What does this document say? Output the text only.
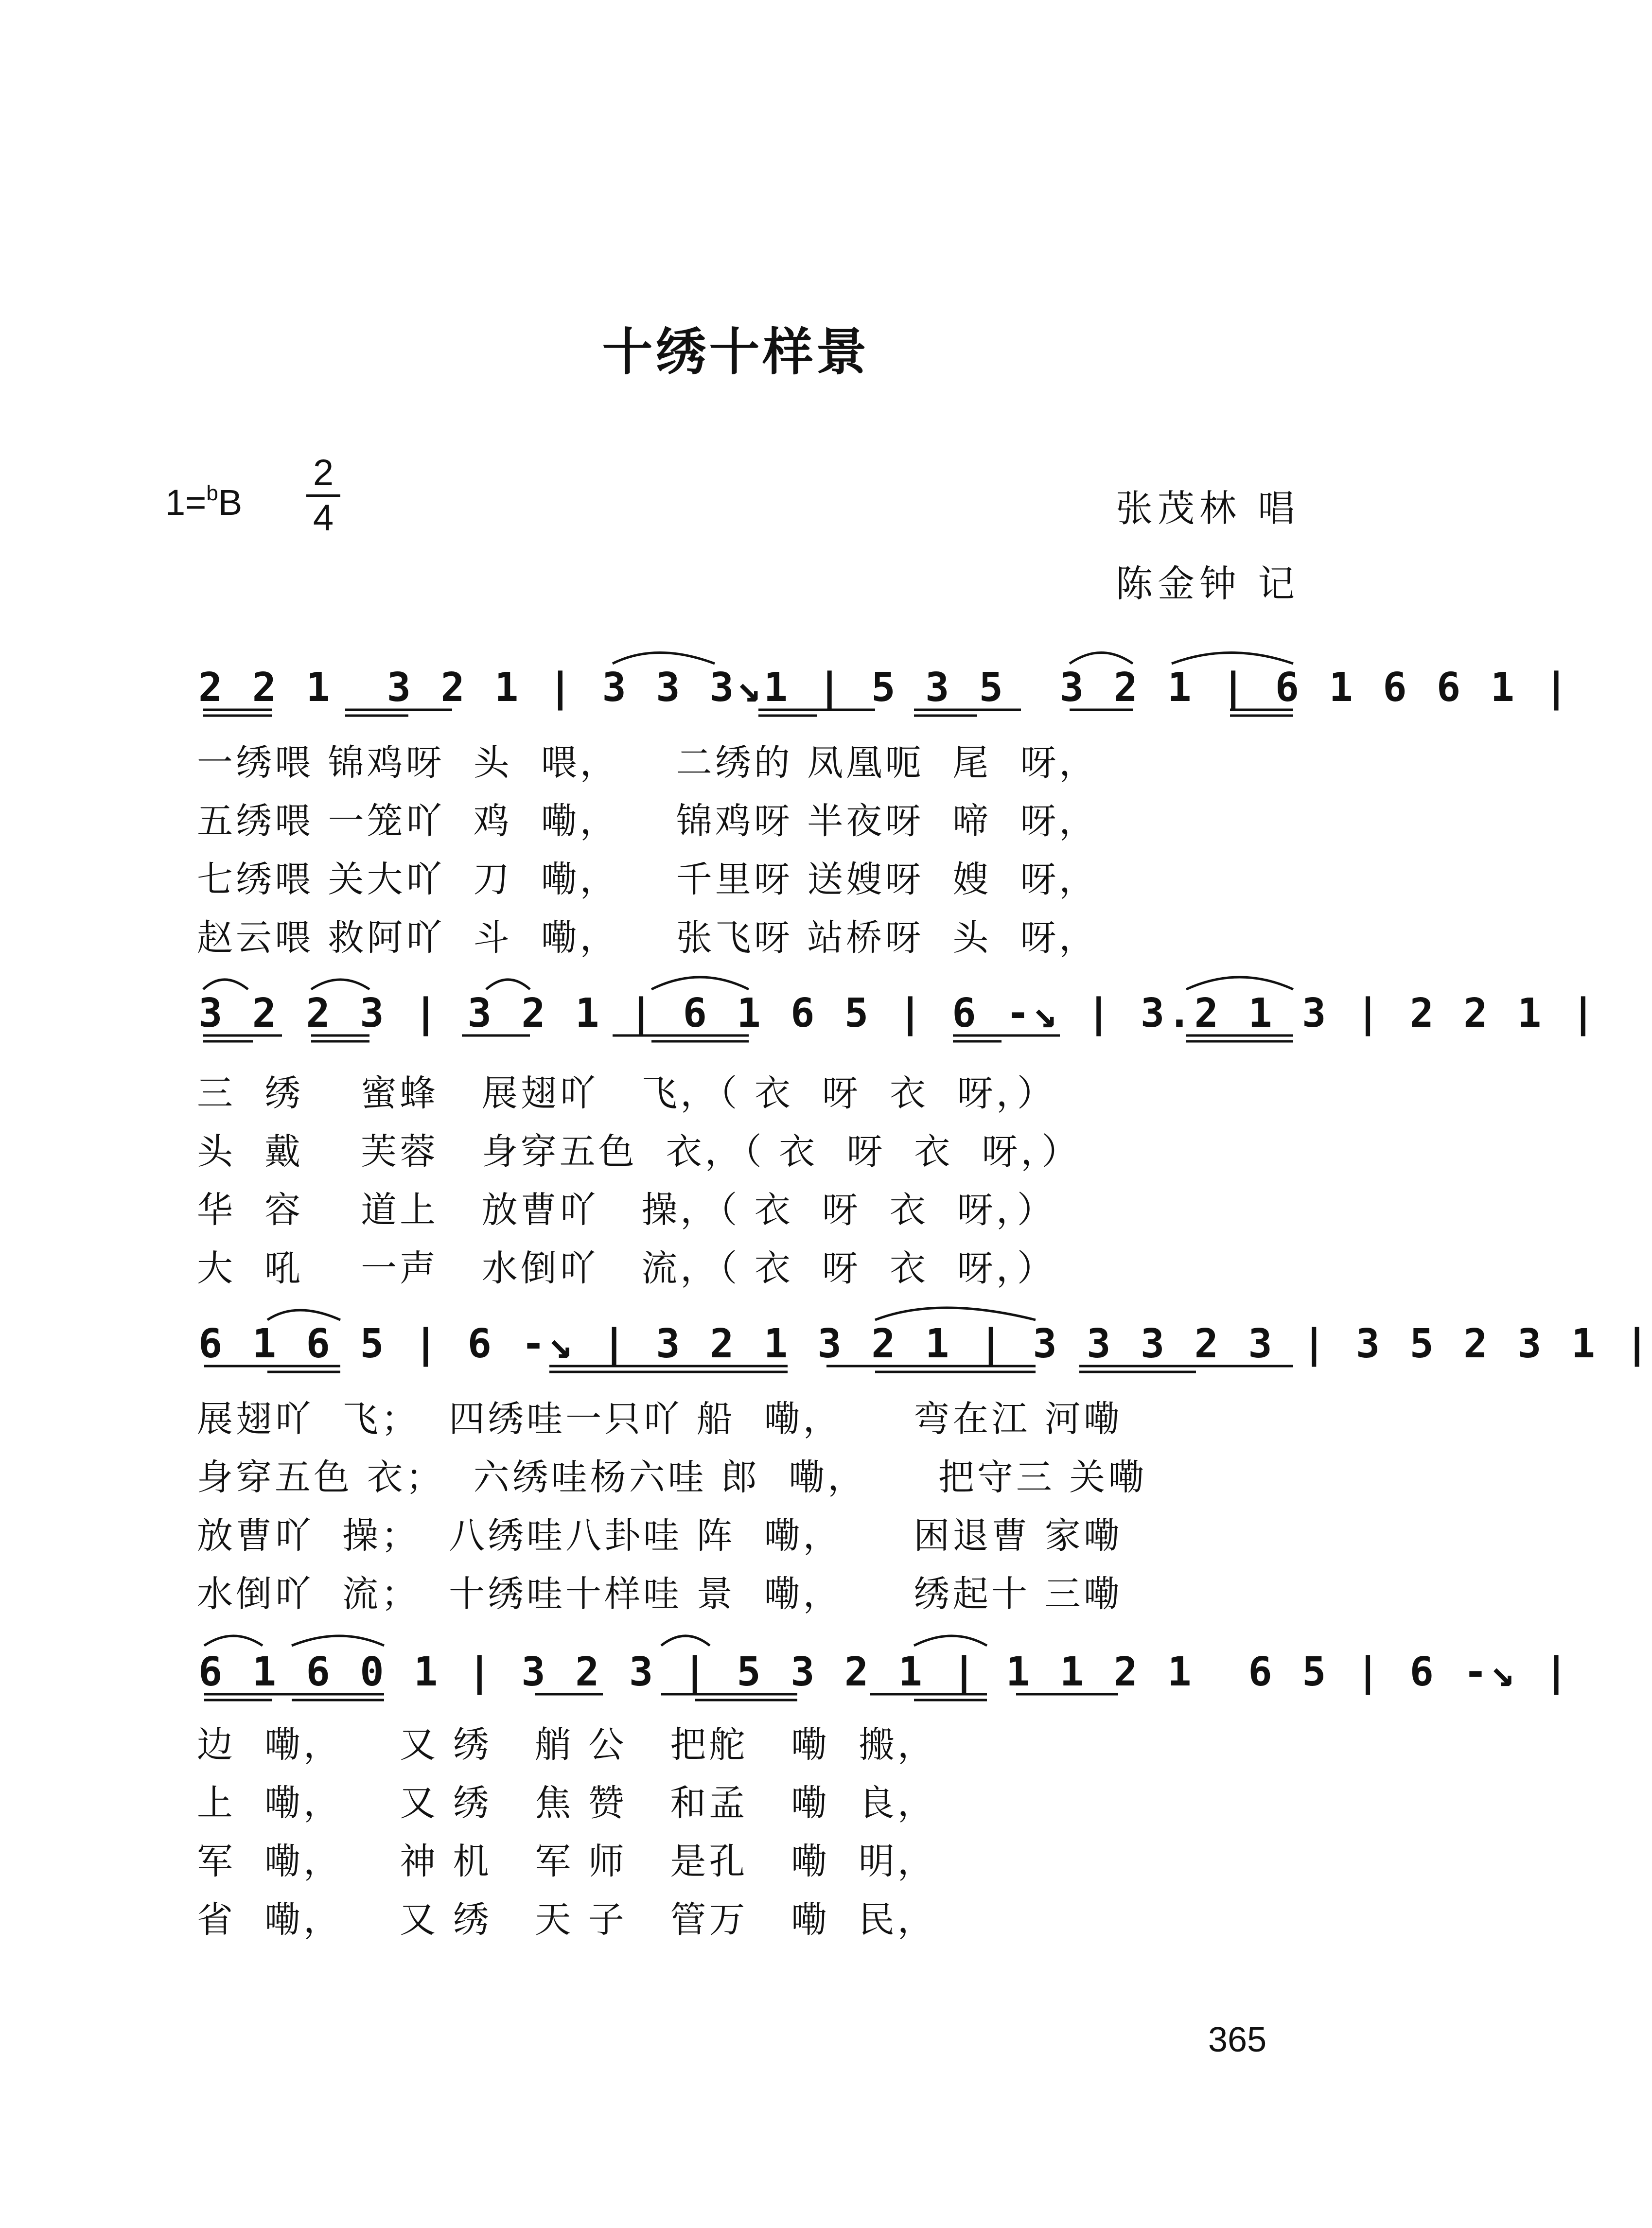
十绣十样景
1=$^b$B
2
4	张茂林 唱
陈金钟 记
2 2 1  3 2 1 | 3 3 3↘1 | 5 3 5  3 2 1 | 6 1 6 6 1 |
一绣喂 锦鸡呀  头  喂，    二绣的 凤凰呃  尾  呀，
五绣喂 一笼吖  鸡  嘞，    锦鸡呀 半夜呀  啼  呀，
七绣喂 关大吖  刀  嘞，    千里呀 送嫂呀  嫂  呀，
赵云喂 救阿吖  斗  嘞，    张飞呀 站桥呀  头  呀，
3 2 2 3 | 3 2 1 | 6 1 6 5 | 6 -↘ | 3.2 1 3 | 2 2 1 |
三  绣    蜜蜂   展翅吖   飞，（ 衣  呀  衣  呀，）
头  戴    芙蓉   身穿五色  衣，（ 衣  呀  衣  呀，）
华  容    道上   放曹吖   操，（ 衣  呀  衣  呀，）
大  吼    一声   水倒吖   流，（ 衣  呀  衣  呀，）
6 1 6 5 | 6 -↘ | 3 2 1 3 2 1 | 3 3 3 2 3 | 3 5 2 3 1 |
展翅吖  飞；  四绣哇一只吖 船  嘞，     弯在江 河嘞
身穿五色 衣；  六绣哇杨六哇 郎  嘞，     把守三 关嘞
放曹吖  操；  八绣哇八卦哇 阵  嘞，     困退曹 家嘞
水倒吖  流；  十绣哇十样哇 景  嘞，     绣起十 三嘞
6 1 6 0 1 | 3 2 3 | 5 3 2 1 | 1 1 2 1  6 5 | 6 -↘ |
边  嘞，    又 绣   艄 公   把舵   嘞  搬，
上  嘞，    又 绣   焦 赞   和孟   嘞  良，
军  嘞，    神 机   军 师   是孔   嘞  明，
省  嘞，    又 绣   天 子   管万   嘞  民，
365
